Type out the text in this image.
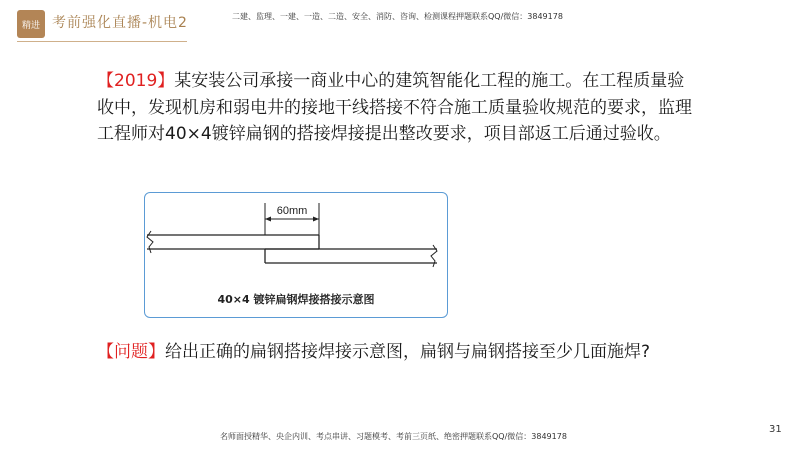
精进 考前强化直播-机电2	二建、监理、一建、一造、二造、安全、消防、咨询、检测课程押题联系QQ/微信：3849178
【2019】某安装公司承接一商业中心的建筑智能化工程的施工。在工程质量验收中，发现机房和弱电井的接地干线搭接不符合施工质量验收规范的要求，监理工程师对40×4镀锌扁钢的搭接焊接提出整改要求，项目部返工后通过验收。
60mm
40×4 镀锌扁钢焊接搭接示意图
【问题】给出正确的扁钢搭接焊接示意图，扁钢与扁钢搭接至少几面施焊?
31
名师面授精华、央企内训、考点串讲、习题模考、考前三页纸、绝密押题联系QQ/微信：3849178
